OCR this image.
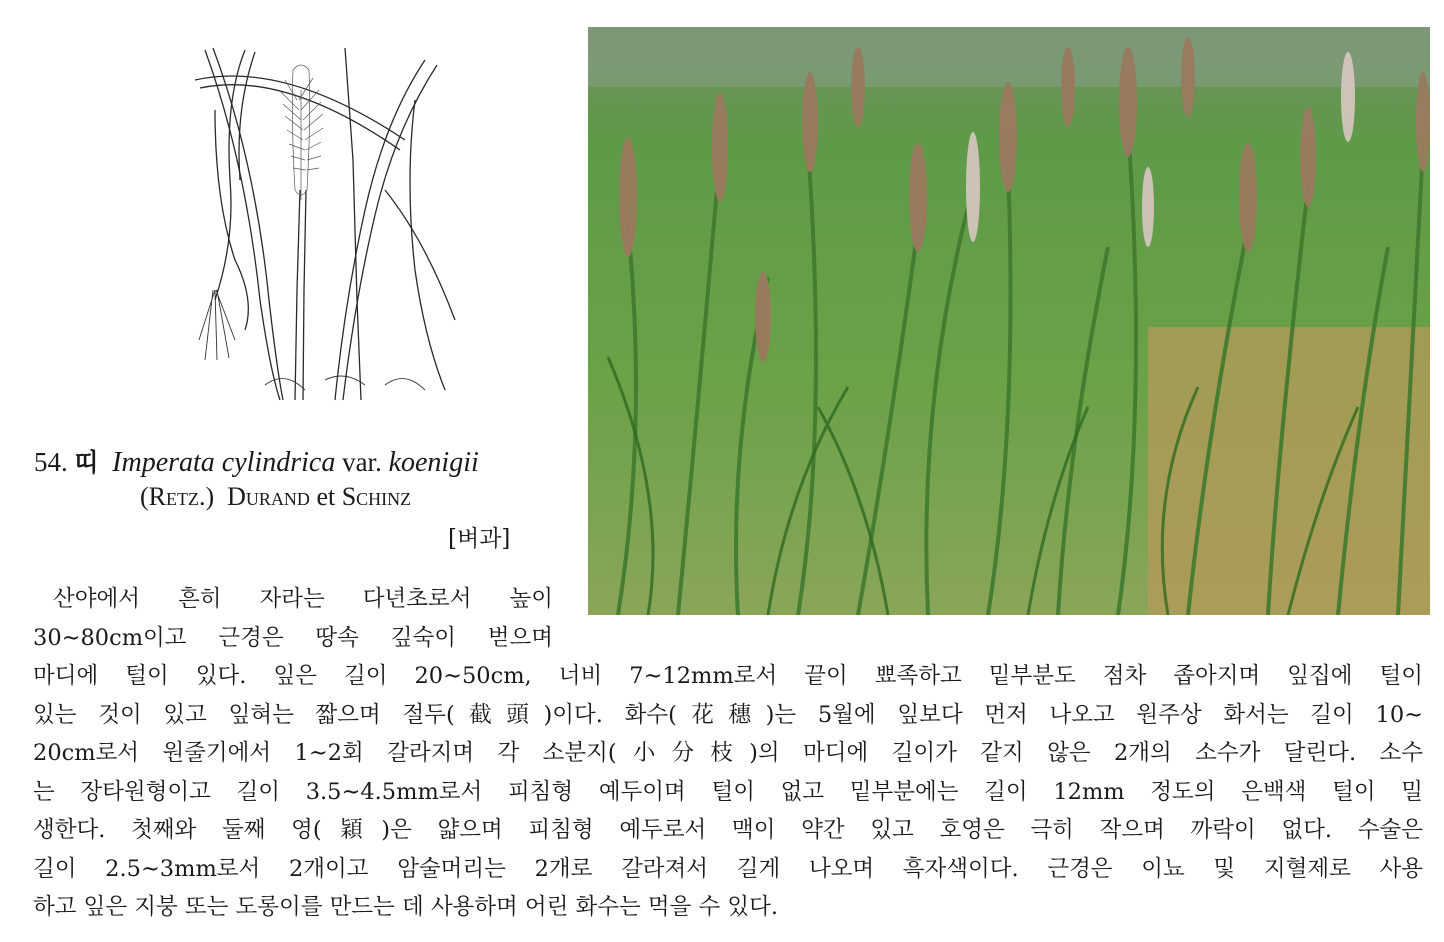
54. 띠 Imperata cylindrica var. koenigii
(Retz.) Durand et Schinz
[벼과]
산야에서 흔히 자라는 다년초로서 높이
30∼80cm이고 근경은 땅속 깊숙이 벋으며
마디에 털이 있다. 잎은 길이 20∼50cm, 너비 7∼12mm로서 끝이 뾰족하고 밑부분도 점차 좁아지며 잎집에 털이
있는 것이 있고 잎혀는 짧으며 절두(截頭)이다. 화수(花穗)는 5월에 잎보다 먼저 나오고 원주상 화서는 길이 10∼
20cm로서 원줄기에서 1∼2회 갈라지며 각 소분지(小分枝)의 마디에 길이가 같지 않은 2개의 소수가 달린다. 소수
는 장타원형이고 길이 3.5∼4.5mm로서 피침형 예두이며 털이 없고 밑부분에는 길이 12mm 정도의 은백색 털이 밀
생한다. 첫째와 둘째 영(穎)은 얇으며 피침형 예두로서 맥이 약간 있고 호영은 극히 작으며 까락이 없다. 수술은
길이 2.5∼3mm로서 2개이고 암술머리는 2개로 갈라져서 길게 나오며 흑자색이다. 근경은 이뇨 및 지혈제로 사용
하고 잎은 지붕 또는 도롱이를 만드는 데 사용하며 어린 화수는 먹을 수 있다.
